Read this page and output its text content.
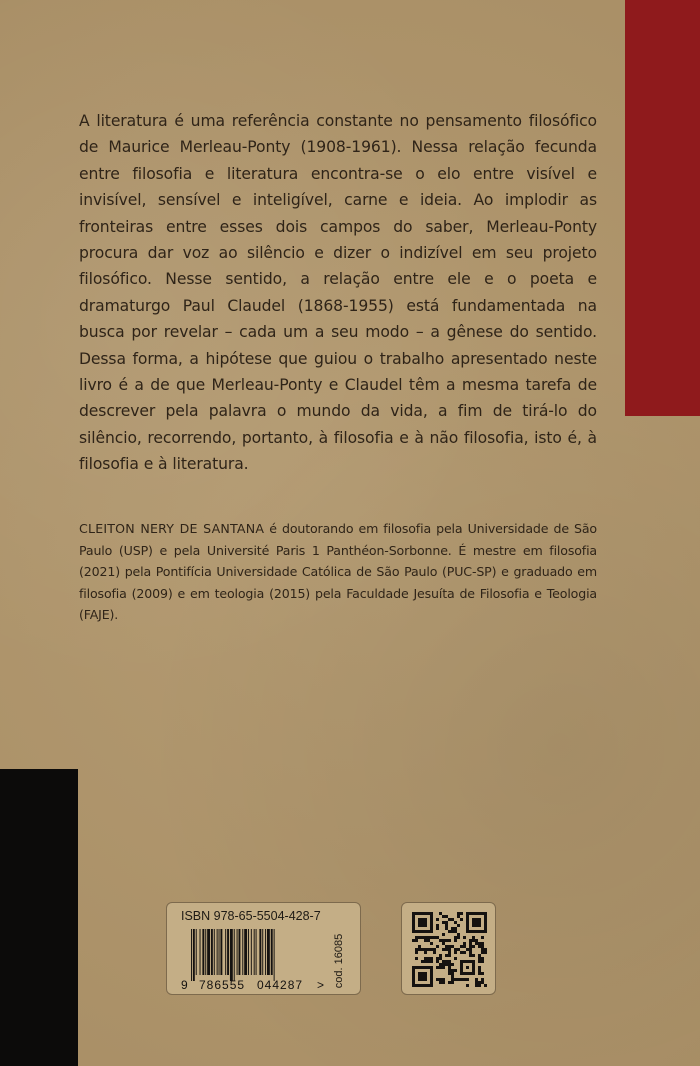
A literatura é uma referência constante no pensamento filosófico de Maurice Merleau-Ponty (1908-1961). Nessa relação fecunda entre filosofia e literatura encontra-se o elo entre visível e invisível, sensível e inteligível, carne e ideia. Ao implodir as fronteiras entre esses dois campos do saber, Merleau-Ponty procura dar voz ao silêncio e dizer o indizível em seu projeto filosófico. Nesse sentido, a relação entre ele e o poeta e dramaturgo Paul Claudel (1868-1955) está fundamentada na busca por revelar – cada um a seu modo – a gênese do sentido. Dessa forma, a hipótese que guiou o trabalho apresentado neste livro é a de que Merleau-Ponty e Claudel têm a mesma tarefa de descrever pela palavra o mundo da vida, a fim de tirá-lo do silêncio, recorrendo, portanto, à filosofia e à não filosofia, isto é, à filosofia e à literatura.

CLEITON NERY DE SANTANA é doutorando em filosofia pela Universidade de São Paulo (USP) e pela Université Paris 1 Panthéon-Sorbonne. É mestre em filosofia (2021) pela Pontifícia Universidade Católica de São Paulo (PUC-SP) e graduado em filosofia (2009) e em teologia (2015) pela Faculdade Jesuíta de Filosofia e Teologia (FAJE).

ISBN 978-65-5504-428-7
9 786555 044287 > cod. 16085
